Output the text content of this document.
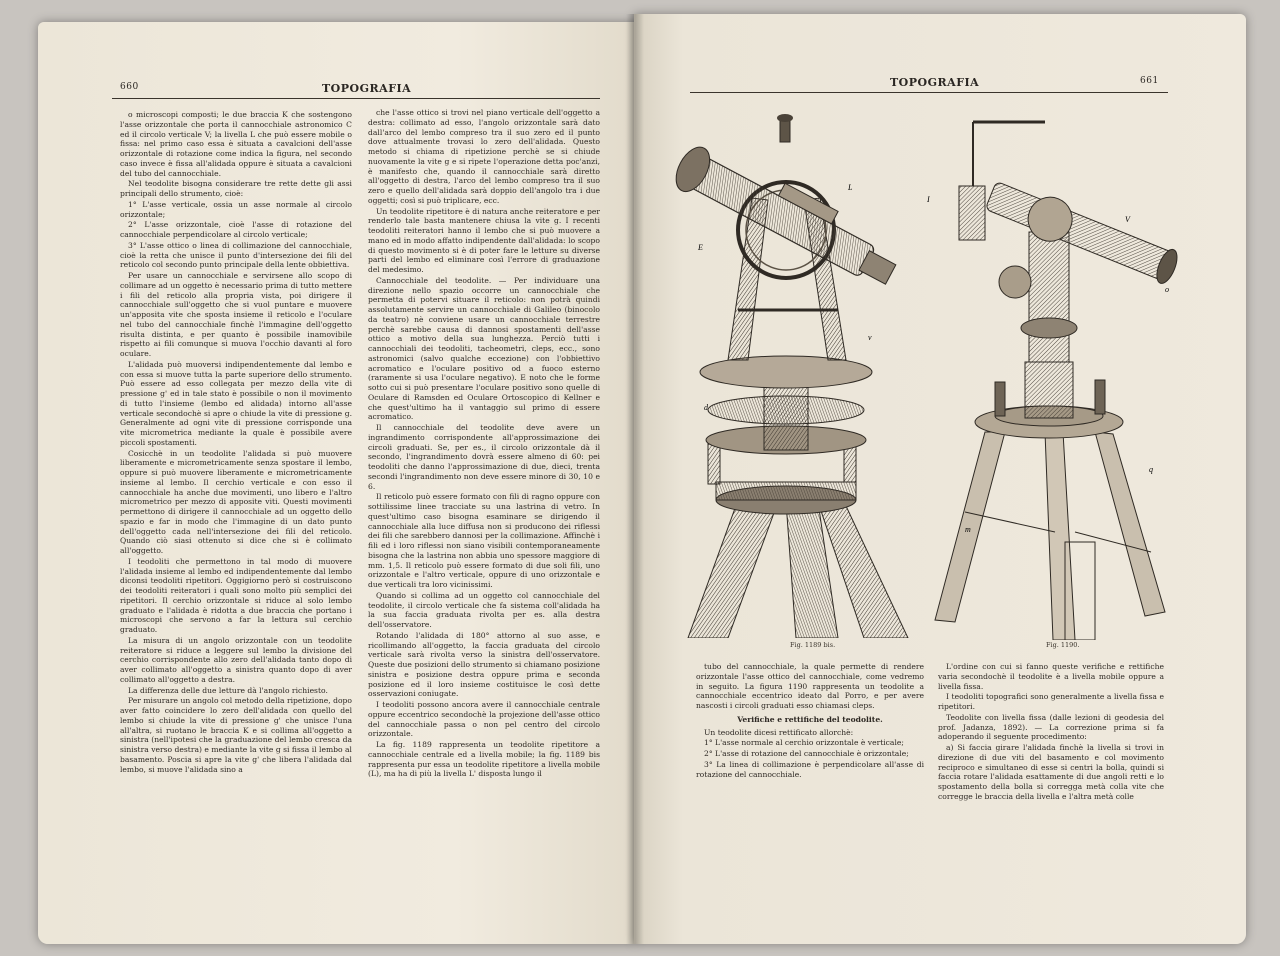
660	TOPOGRAFIA

o microscopi composti; le due braccia K che sostengono l'asse orizzontale che porta il cannocchiale astronomico C ed il circolo verticale V; la livella L che può essere mobile o fissa: nel primo caso essa è situata a cavalcioni dell'asse orizzontale di rotazione come indica la figura, nel secondo caso invece è fissa all'alidada oppure è situata a cavalcioni del tubo del cannocchiale.

Nel teodolite bisogna considerare tre rette dette gli assi principali dello strumento, cioè:

1° L'asse verticale, ossia un asse normale al circolo orizzontale;

2° L'asse orizzontale, cioè l'asse di rotazione del cannocchiale perpendicolare al circolo verticale;

3° L'asse ottico o linea di collimazione del cannocchiale, cioè la retta che unisce il punto d'intersezione dei fili del reticolo col secondo punto principale della lente obbiettiva.

Per usare un cannocchiale e servirsene allo scopo di collimare ad un oggetto è necessario prima di tutto mettere i fili del reticolo alla propria vista, poi dirigere il cannocchiale sull'oggetto che si vuol puntare e muovere un'apposita vite che sposta insieme il reticolo e l'oculare nel tubo del cannocchiale finchè l'immagine dell'oggetto risulta distinta, e per quanto è possibile inamovibile rispetto ai fili comunque si muova l'occhio davanti al foro oculare.

L'alidada può muoversi indipendentemente dal lembo e con essa si muove tutta la parte superiore dello strumento. Può essere ad esso collegata per mezzo della vite di pressione g' ed in tale stato è possibile o non il movimento di tutto l'insieme (lembo ed alidada) intorno all'asse verticale secondochè si apre o chiude la vite di pressione g. Generalmente ad ogni vite di pressione corrisponde una vite micrometrica mediante la quale è possibile avere piccoli spostamenti.

Cosicchè in un teodolite l'alidada si può muovere liberamente e micrometricamente senza spostare il lembo, oppure si può muovere liberamente e micrometricamente insieme al lembo. Il cerchio verticale e con esso il cannocchiale ha anche due movimenti, uno libero e l'altro micrometrico per mezzo di apposite viti. Questi movimenti permettono di dirigere il cannocchiale ad un oggetto dello spazio e far in modo che l'immagine di un dato punto dell'oggetto cada nell'intersezione dei fili del reticolo. Quando ciò siasi ottenuto si dice che si è collimato all'oggetto.

I teodoliti che permettono in tal modo di muovere l'alidada insieme al lembo ed indipendentemente dal lembo diconsi teodoliti ripetitori. Oggigiorno però si costruiscono dei teodoliti reiteratori i quali sono molto più semplici dei ripetitori. Il cerchio orizzontale si riduce al solo lembo graduato e l'alidada è ridotta a due braccia che portano i microscopi che servono a far la lettura sul cerchio graduato.

La misura di un angolo orizzontale con un teodolite reiteratore si riduce a leggere sul lembo la divisione del cerchio corrispondente allo zero dell'alidada tanto dopo di aver collimato all'oggetto a sinistra quanto dopo di aver collimato all'oggetto a destra.

La differenza delle due letture dà l'angolo richiesto.

Per misurare un angolo col metodo della ripetizione, dopo aver fatto coincidere lo zero dell'alidada con quello del lembo si chiude la vite di pressione g' che unisce l'una all'altra, si ruotano le braccia K e si collima all'oggetto a sinistra (nell'ipotesi che la graduazione del lembo cresca da sinistra verso destra) e mediante la vite g si fissa il lembo al basamento. Poscia si apre la vite g' che libera l'alidada dal lembo, si muove l'alidada sino a

che l'asse ottico si trovi nel piano verticale dell'oggetto a destra: collimato ad esso, l'angolo orizzontale sarà dato dall'arco del lembo compreso tra il suo zero ed il punto dove attualmente trovasi lo zero dell'alidada. Questo metodo si chiama di ripetizione perchè se si chiude nuovamente la vite g e si ripete l'operazione detta poc'anzi, è manifesto che, quando il cannocchiale sarà diretto all'oggetto di destra, l'arco del lembo compreso tra il suo zero e quello dell'alidada sarà doppio dell'angolo tra i due oggetti; così si può triplicare, ecc.

Un teodolite ripetitore è di natura anche reiteratore e per renderlo tale basta mantenere chiusa la vite g. I recenti teodoliti reiteratori hanno il lembo che si può muovere a mano ed in modo affatto indipendente dall'alidada: lo scopo di questo movimento si è di poter fare le letture su diverse parti del lembo ed eliminare così l'errore di graduazione del medesimo.

Cannocchiale del teodolite. — Per individuare una direzione nello spazio occorre un cannocchiale che permetta di potervi situare il reticolo: non potrà quindi assolutamente servire un cannocchiale di Galileo (binocolo da teatro) nè conviene usare un cannocchiale terrestre perchè sarebbe causa di dannosi spostamenti dell'asse ottico a motivo della sua lunghezza. Perciò tutti i cannocchiali dei teodoliti, tacheometri, cleps, ecc., sono astronomici (salvo qualche eccezione) con l'obbiettivo acromatico e l'oculare positivo od a fuoco esterno (raramente si usa l'oculare negativo). E noto che le forme sotto cui si può presentare l'oculare positivo sono quelle di Oculare di Ramsden ed Oculare Ortoscopico di Kellner e che quest'ultimo ha il vantaggio sul primo di essere acromatico.

Il cannocchiale del teodolite deve avere un ingrandimento corrispondente all'approssimazione dei circoli graduati. Se, per es., il circolo orizzontale dà il secondo, l'ingrandimento dovrà essere almeno di 60: pei teodoliti che danno l'approssimazione di due, dieci, trenta secondi l'ingrandimento non deve essere minore di 30, 10 e 6.

Il reticolo può essere formato con fili di ragno oppure con sottilissime linee tracciate su una lastrina di vetro. In quest'ultimo caso bisogna esaminare se dirigendo il cannocchiale alla luce diffusa non si producono dei riflessi dei fili che sarebbero dannosi per la collimazione. Affinchè i fili ed i loro riflessi non siano visibili contemporaneamente bisogna che la lastrina non abbia uno spessore maggiore di mm. 1,5. Il reticolo può essere formato di due soli fili, uno orizzontale e l'altro verticale, oppure di uno orizzontale e due verticali tra loro vicinissimi.

Quando si collima ad un oggetto col cannocchiale del teodolite, il circolo verticale che fa sistema coll'alidada ha la sua faccia graduata rivolta per es. alla destra dell'osservatore.

Rotando l'alidada di 180° attorno al suo asse, e ricollimando all'oggetto, la faccia graduata del circolo verticale sarà rivolta verso la sinistra dell'osservatore. Queste due posizioni dello strumento si chiamano posizione sinistra e posizione destra oppure prima e seconda posizione ed il loro insieme costituisce le così dette osservazioni coniugate.

I teodoliti possono ancora avere il cannocchiale centrale oppure eccentrico secondochè la projezione dell'asse ottico del cannocchiale passa o non pel centro del circolo orizzontale.

La fig. 1189 rappresenta un teodolite ripetitore a cannocchiale centrale ed a livella mobile; la fig. 1189 bis rappresenta pur essa un teodolite ripetitore a livella mobile (L), ma ha di più la livella L' disposta lungo il

TOPOGRAFIA	661
E
L
v
d
Fig. 1189 bis.
I
V
o
m
q
Fig. 1190.

tubo del cannocchiale, la quale permette di rendere orizzontale l'asse ottico del cannocchiale, come vedremo in seguito. La figura 1190 rappresenta un teodolite a cannocchiale eccentrico ideato dal Porro, e per avere nascosti i circoli graduati esso chiamasi cleps.

Verifiche e rettifiche del teodolite.

Un teodolite dicesi rettificato allorchè:

1° L'asse normale al cerchio orizzontale è verticale;

2° L'asse di rotazione del cannocchiale è orizzontale;

3° La linea di collimazione è perpendicolare all'asse di rotazione del cannocchiale.

L'ordine con cui si fanno queste verifiche e rettifiche varia secondochè il teodolite è a livella mobile oppure a livella fissa.

I teodoliti topografici sono generalmente a livella fissa e ripetitori.

Teodolite con livella fissa (dalle lezioni di geodesia del prof. Jadanza, 1892). — La correzione prima si fa adoperando il seguente procedimento:

a) Si faccia girare l'alidada finchè la livella si trovi in direzione di due viti del basamento e col movimento reciproco e simultaneo di esse si centri la bolla, quindi si faccia rotare l'alidada esattamente di due angoli retti e lo spostamento della bolla si corregga metà colla vite che corregge le braccia della livella e l'altra metà colle
